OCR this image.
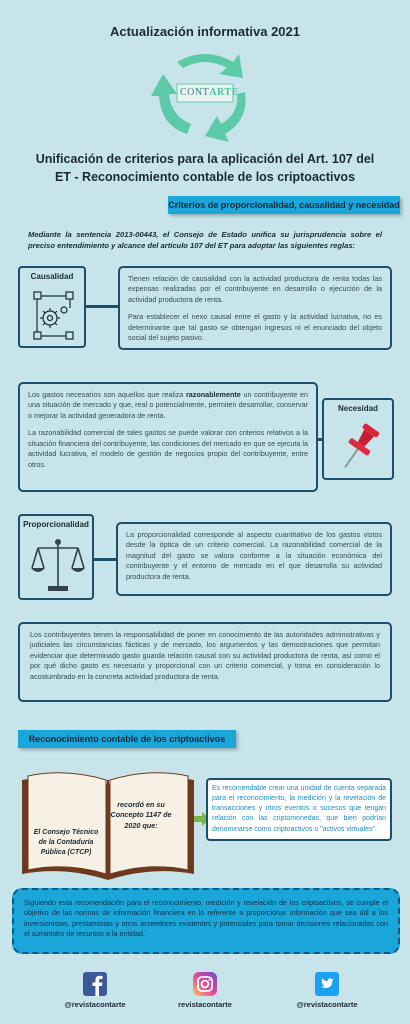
Actualización informativa 2021
CONTARTE
Unificación de criterios para la aplicación del Art. 107 del ET - Reconocimiento contable de los criptoactivos
Criterios de proporcionalidad, causalidad y necesidad
Mediante la sentencia 2013-00443, el Consejo de Estado unifica su jurisprudencia sobre el preciso entendimiento y alcance del artículo 107 del ET para adoptar las siguientes reglas:
Causalidad	Tienen relación de causalidad con la actividad productora de renta todas las expensas realizadas por el contribuyente en desarrollo o ejecución de la actividad productora de renta.

Para establecer el nexo causal entre el gasto y la actividad lucrativa, no es determinante que tal gasto se obtengan ingresos ni el enunciado del objeto social del sujeto pasivo.

Los gastos necesarios son aquellos que realiza razonablemente un contribuyente en una situación de mercado y que, real o potencialmente, permiten desarrollar, conservar o mejorar la actividad generadora de renta.

La razonabilidad comercial de tales gastos se puede valorar con criterios relativos a la situación financiera del contribuyente, las condiciones del mercado en que se ejecuta la actividad lucrativa, el modelo de gestión de negocios propio del contribuyente, entre otros.

Necesidad
Proporcionalidad

La proporcionalidad corresponde al aspecto cuantitativo de los gastos vistos desde la óptica de un criterio comercial. La razonabilidad comercial de la magnitud del gasto se valora conforme a la situación económica del contribuyente y el entorno de mercado en el que desarrolla su actividad productora de renta.

Los contribuyentes tienen la responsabilidad de poner en conocimiento de las autoridades administrativas y judiciales las circunstancias fácticas y de mercado, los argumentos y las demostraciones que permitan evidenciar que determinado gasto guarda relación causal con su actividad productora de renta, así como el por qué dicho gasto es necesario y proporcional con un criterio comercial, y toma en consideración lo acostumbrado en la concreta actividad productora de renta.

Reconocimiento contable de los criptoactivos
El Consejo Técnico de la Contaduría Pública (CTCP)
recordó en su Concepto 1147 de 2020 que:
Es recomendable crear una unidad de cuenta separada para el reconocimiento, la medición y la revelación de transacciones y otros eventos o sucesos que tengan relación con las criptomonedas, que bien podrían denominarse como criptoactivos o "activos virtuales".
Siguiendo esta recomendación para el reconocimiento, medición y revelación de los criptoactivos, se cumple el objetivo de las normas de información financiera en lo referente a proporcionar información que sea útil a los inversionistas, prestamistas y otros acreedores existentes y potenciales para tomar decisiones relacionadas con el suministro de recursos a la entidad.
@revistacontarte	revistacontarte	@revistacontarte
